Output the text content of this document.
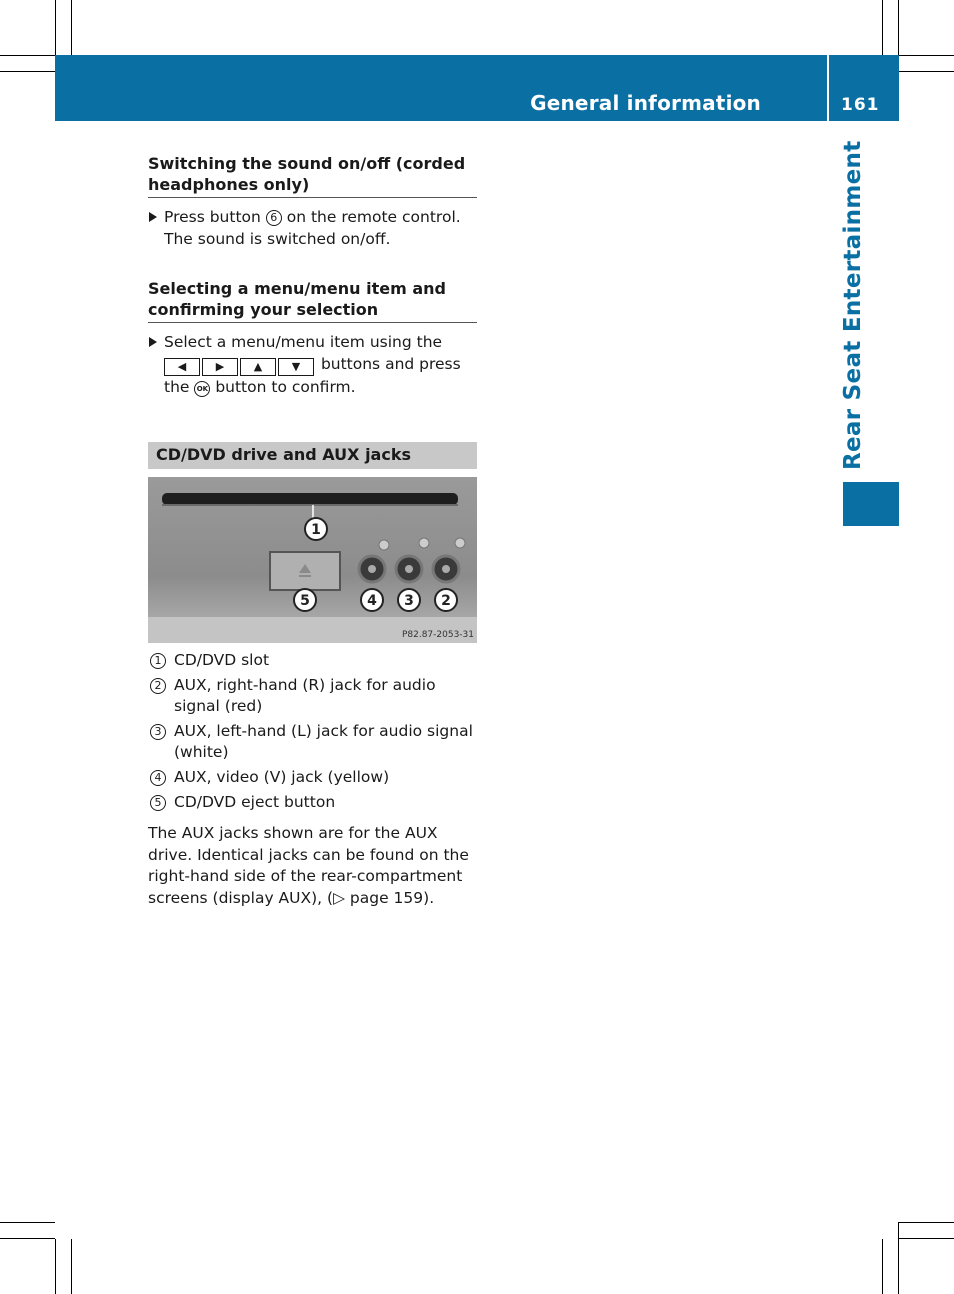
General information	161
Rear Seat Entertainment
Switching the sound on/off (corded headphones only)
Press button 6 on the remote control.
The sound is switched on/off.
Selecting a menu/menu item and confirming your selection
Select a menu/menu item using the
◀	▶	▲	▼ buttons and press
the OK button to confirm.
CD/DVD drive and AUX jacks
1
5	4 3 2
P82.87-2053-31
1 CD/DVD slot
2 AUX, right-hand (R) jack for audio signal (red)
3 AUX, left-hand (L) jack for audio signal (white)
4 AUX, video (V) jack (yellow)
5 CD/DVD eject button
The AUX jacks shown are for the AUX drive. Identical jacks can be found on the right-hand side of the rear-compartment screens (display AUX), (▷ page 159).
